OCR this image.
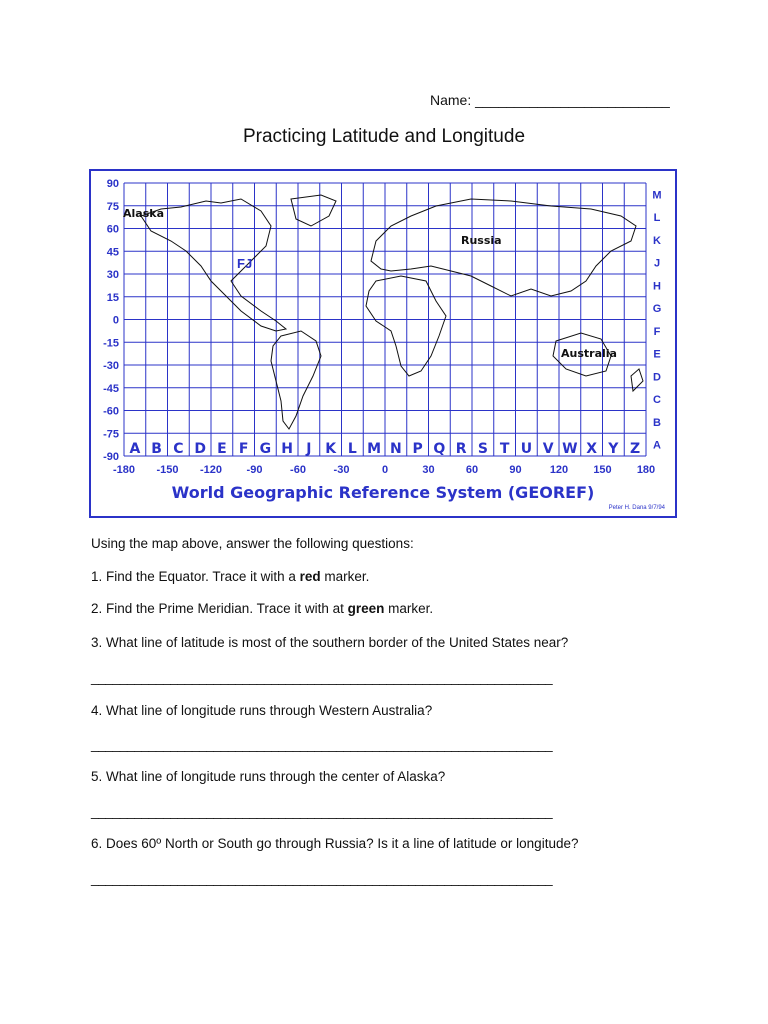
Name: _________________________
Practicing Latitude and Longitude
90
75
60
45
30
15
0
-15
-30
-45
-60
-75
-90
-180 -150 -120 -90	-60	-30	0	30	60	90	120 150 180
M
L
K
J
H
G
F
E
D
C
B
A
A B C D E F G H J K L M N P Q R S T U V W X Y Z
Alaska
FJ
Russia
Australia
World Geographic Reference System (GEOREF)
Peter H. Dana 9/7/94
Using the map above, answer the following questions:
1. Find the Equator. Trace it with a red marker.
2. Find the Prime Meridian. Trace it with at green marker.
3. What line of latitude is most of the southern border of the United States near?
________________________________________________________________
4. What line of longitude runs through Western Australia?
________________________________________________________________
5. What line of longitude runs through the center of Alaska?
________________________________________________________________
6. Does 60º North or South go through Russia? Is it a line of latitude or longitude?
________________________________________________________________
